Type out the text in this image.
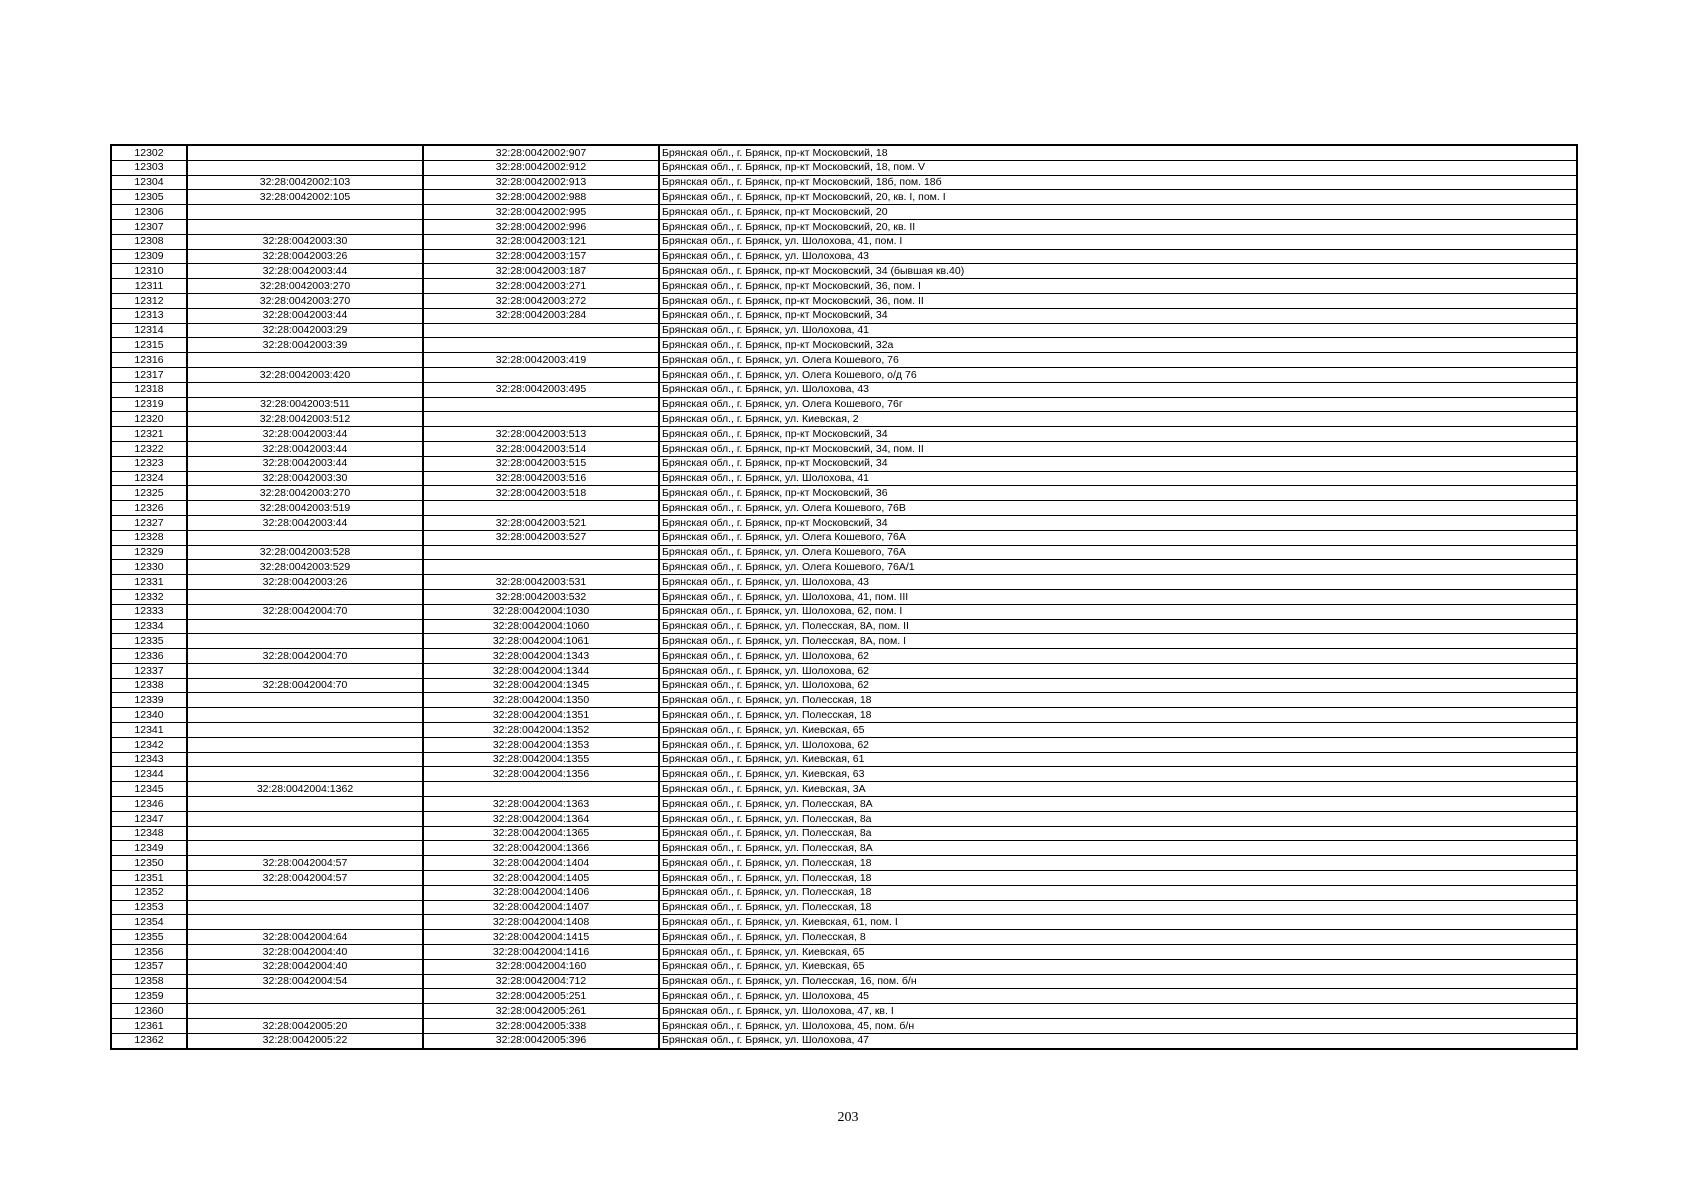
12302		32:28:0042002:907	Брянская обл., г. Брянск, пр-кт Московский, 18
12303		32:28:0042002:912	Брянская обл., г. Брянск, пр-кт Московский, 18, пом. V
12304	32:28:0042002:103	32:28:0042002:913	Брянская обл., г. Брянск, пр-кт Московский, 18б, пом. 18б
12305	32:28:0042002:105	32:28:0042002:988	Брянская обл., г. Брянск, пр-кт Московский, 20, кв. I, пом. I
12306		32:28:0042002:995	Брянская обл., г. Брянск, пр-кт Московский, 20
12307		32:28:0042002:996	Брянская обл., г. Брянск, пр-кт Московский, 20, кв. II
12308	32:28:0042003:30	32:28:0042003:121	Брянская обл., г. Брянск, ул. Шолохова, 41, пом. I
12309	32:28:0042003:26	32:28:0042003:157	Брянская обл., г. Брянск, ул. Шолохова, 43
12310	32:28:0042003:44	32:28:0042003:187	Брянская обл., г. Брянск, пр-кт Московский, 34 (бывшая кв.40)
12311	32:28:0042003:270	32:28:0042003:271	Брянская обл., г. Брянск, пр-кт Московский, 36, пом. I
12312	32:28:0042003:270	32:28:0042003:272	Брянская обл., г. Брянск, пр-кт Московский, 36, пом. II
12313	32:28:0042003:44	32:28:0042003:284	Брянская обл., г. Брянск, пр-кт Московский, 34
12314	32:28:0042003:29		Брянская обл., г. Брянск, ул. Шолохова, 41
12315	32:28:0042003:39		Брянская обл., г. Брянск, пр-кт Московский, 32а
12316		32:28:0042003:419	Брянская обл., г. Брянск, ул. Олега Кошевого, 76
12317	32:28:0042003:420		Брянская обл., г. Брянск, ул. Олега Кошевого, о/д 76
12318		32:28:0042003:495	Брянская обл., г. Брянск, ул. Шолохова, 43
12319	32:28:0042003:511		Брянская обл., г. Брянск, ул. Олега Кошевого, 76г
12320	32:28:0042003:512		Брянская обл., г. Брянск, ул. Киевская, 2
12321	32:28:0042003:44	32:28:0042003:513	Брянская обл., г. Брянск, пр-кт Московский, 34
12322	32:28:0042003:44	32:28:0042003:514	Брянская обл., г. Брянск, пр-кт Московский, 34, пом. II
12323	32:28:0042003:44	32:28:0042003:515	Брянская обл., г. Брянск, пр-кт Московский, 34
12324	32:28:0042003:30	32:28:0042003:516	Брянская обл., г. Брянск, ул. Шолохова, 41
12325	32:28:0042003:270	32:28:0042003:518	Брянская обл., г. Брянск, пр-кт Московский, 36
12326	32:28:0042003:519		Брянская обл., г. Брянск, ул. Олега Кошевого, 76В
12327	32:28:0042003:44	32:28:0042003:521	Брянская обл., г. Брянск, пр-кт Московский, 34
12328		32:28:0042003:527	Брянская обл., г. Брянск, ул. Олега Кошевого, 76А
12329	32:28:0042003:528		Брянская обл., г. Брянск, ул. Олега Кошевого, 76А
12330	32:28:0042003:529		Брянская обл., г. Брянск, ул. Олега Кошевого, 76А/1
12331	32:28:0042003:26	32:28:0042003:531	Брянская обл., г. Брянск, ул. Шолохова, 43
12332		32:28:0042003:532	Брянская обл., г. Брянск, ул. Шолохова, 41, пом. III
12333	32:28:0042004:70	32:28:0042004:1030	Брянская обл., г. Брянск, ул. Шолохова, 62, пом. I
12334		32:28:0042004:1060	Брянская обл., г. Брянск, ул. Полесская, 8А, пом. II
12335		32:28:0042004:1061	Брянская обл., г. Брянск, ул. Полесская, 8А, пом. I
12336	32:28:0042004:70	32:28:0042004:1343	Брянская обл., г. Брянск, ул. Шолохова, 62
12337		32:28:0042004:1344	Брянская обл., г. Брянск, ул. Шолохова, 62
12338	32:28:0042004:70	32:28:0042004:1345	Брянская обл., г. Брянск, ул. Шолохова, 62
12339		32:28:0042004:1350	Брянская обл., г. Брянск, ул. Полесская, 18
12340		32:28:0042004:1351	Брянская обл., г. Брянск, ул. Полесская, 18
12341		32:28:0042004:1352	Брянская обл., г. Брянск, ул. Киевская, 65
12342		32:28:0042004:1353	Брянская обл., г. Брянск, ул. Шолохова, 62
12343		32:28:0042004:1355	Брянская обл., г. Брянск, ул. Киевская, 61
12344		32:28:0042004:1356	Брянская обл., г. Брянск, ул. Киевская, 63
12345	32:28:0042004:1362		Брянская обл., г. Брянск, ул. Киевская, 3А
12346		32:28:0042004:1363	Брянская обл., г. Брянск, ул. Полесская, 8А
12347		32:28:0042004:1364	Брянская обл., г. Брянск, ул. Полесская, 8а
12348		32:28:0042004:1365	Брянская обл., г. Брянск, ул. Полесская, 8а
12349		32:28:0042004:1366	Брянская обл., г. Брянск, ул. Полесская, 8А
12350	32:28:0042004:57	32:28:0042004:1404	Брянская обл., г. Брянск, ул. Полесская, 18
12351	32:28:0042004:57	32:28:0042004:1405	Брянская обл., г. Брянск, ул. Полесская, 18
12352		32:28:0042004:1406	Брянская обл., г. Брянск, ул. Полесская, 18
12353		32:28:0042004:1407	Брянская обл., г. Брянск, ул. Полесская, 18
12354		32:28:0042004:1408	Брянская обл., г. Брянск, ул. Киевская, 61, пом. I
12355	32:28:0042004:64	32:28:0042004:1415	Брянская обл., г. Брянск, ул. Полесская, 8
12356	32:28:0042004:40	32:28:0042004:1416	Брянская обл., г. Брянск, ул. Киевская, 65
12357	32:28:0042004:40	32:28:0042004:160	Брянская обл., г. Брянск, ул. Киевская, 65
12358	32:28:0042004:54	32:28:0042004:712	Брянская обл., г. Брянск, ул. Полесская, 16, пом. б/н
12359		32:28:0042005:251	Брянская обл., г. Брянск, ул. Шолохова, 45
12360		32:28:0042005:261	Брянская обл., г. Брянск, ул. Шолохова, 47, кв. I
12361	32:28:0042005:20	32:28:0042005:338	Брянская обл., г. Брянск, ул. Шолохова, 45, пом. б/н
12362	32:28:0042005:22	32:28:0042005:396	Брянская обл., г. Брянск, ул. Шолохова, 47
203
